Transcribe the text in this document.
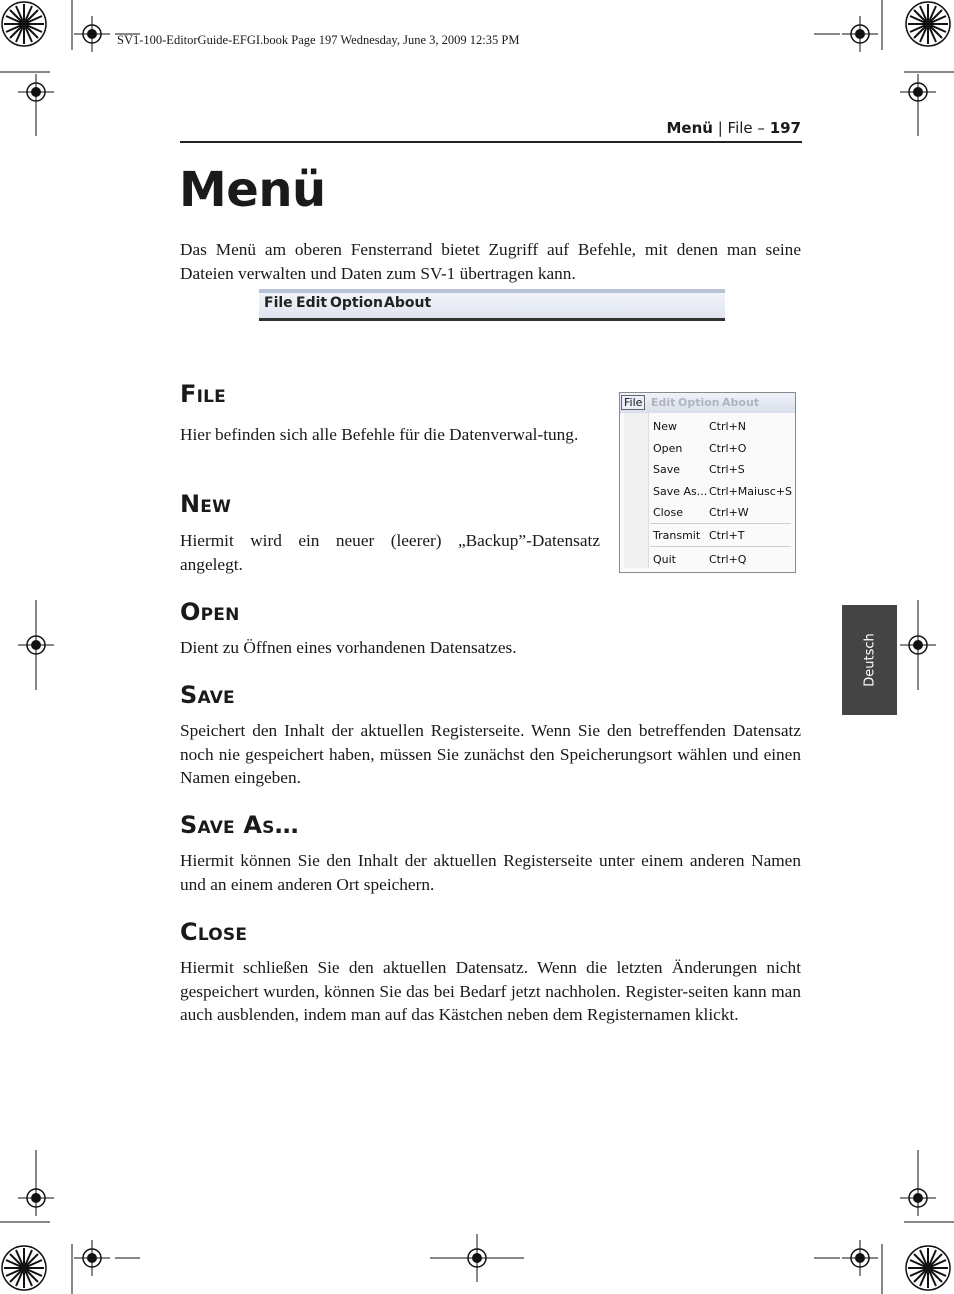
SV1-100-EditorGuide-EFGI.book Page 197 Wednesday, June 3, 2009 12:35 PM
Menü | File – 197
Menü
Das Menü am oberen Fensterrand bietet Zugriff auf Befehle, mit denen man seine Dateien verwalten und Daten zum SV-1 übertragen kann.
File Edit Option About
File
Hier befinden sich alle Befehle für die Datenverwal-tung.
File Edit Option About
New	Ctrl+N
Open Ctrl+O
Save	Ctrl+S
Save As... Ctrl+Maiusc+S
Close Ctrl+W
Transmit Ctrl+T
Quit	Ctrl+Q
New
Hiermit wird ein neuer (leerer) „Backup”-Datensatz angelegt.
Open
Dient zu Öffnen eines vorhandenen Datensatzes.
Save
Speichert den Inhalt der aktuellen Registerseite. Wenn Sie den betreffenden Datensatz noch nie gespeichert haben, müssen Sie zunächst den Speicherungsort wählen und einen Namen eingeben.
Save As…
Hiermit können Sie den Inhalt der aktuellen Registerseite unter einem anderen Namen und an einem anderen Ort speichern.
Close
Hiermit schließen Sie den aktuellen Datensatz. Wenn die letzten Änderungen nicht gespeichert wurden, können Sie das bei Bedarf jetzt nachholen. Register-seiten kann man auch ausblenden, indem man auf das Kästchen neben dem Registernamen klickt.
Deutsch
